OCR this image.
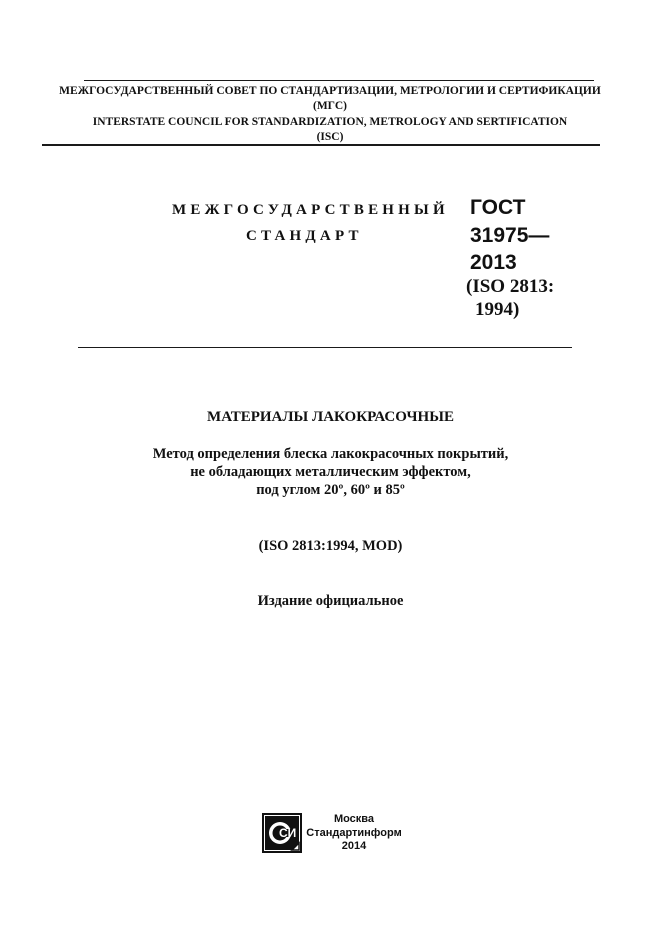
МЕЖГОСУДАРСТВЕННЫЙ СОВЕТ ПО СТАНДАРТИЗАЦИИ, МЕТРОЛОГИИ И СЕРТИФИКАЦИИ
(МГС)
INTERSTATE COUNCIL FOR STANDARDIZATION, METROLOGY AND SERTIFICATION
(ISC)
МЕЖГОСУДАРСТВЕННЫЙ
СТАНДАРТ
ГОСТ
31975—
2013
(ISO 2813:
1994)
МАТЕРИАЛЫ ЛАКОКРАСОЧНЫЕ
Метод определения блеска лакокрасочных покрытий,
не обладающих металлическим эффектом,
под углом 20º, 60º и 85º
(ISO 2813:1994, MOD)
Издание официальное
СИ
Москва
Стандартинформ
2014
